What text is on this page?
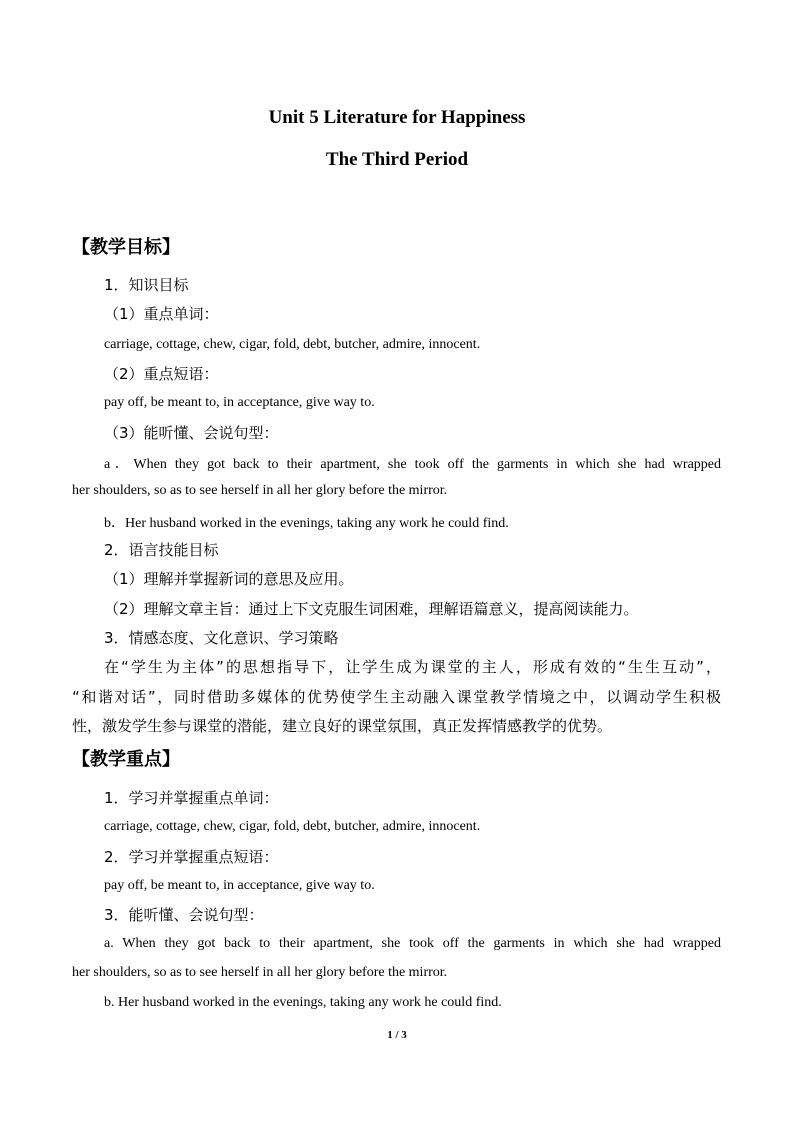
Unit 5 Literature for Happiness
The Third Period
【教学目标】
1．知识目标
（1）重点单词：
carriage, cottage, chew, cigar, fold, debt, butcher, admire, innocent.
（2）重点短语：
pay off, be meant to, in acceptance, give way to.
（3）能听懂、会说句型：
a．When they got back to their apartment, she took off the garments in which she had wrapped
her shoulders, so as to see herself in all her glory before the mirror.
b．Her husband worked in the evenings, taking any work he could find.
2．语言技能目标
（1）理解并掌握新词的意思及应用。
（2）理解文章主旨：通过上下文克服生词困难，理解语篇意义，提高阅读能力。
3．情感态度、文化意识、学习策略
在“学生为主体”的思想指导下，让学生成为课堂的主人，形成有效的“生生互动”，
“和谐对话”，同时借助多媒体的优势使学生主动融入课堂教学情境之中，以调动学生积极
性，激发学生参与课堂的潜能，建立良好的课堂氛围，真正发挥情感教学的优势。
【教学重点】
1．学习并掌握重点单词：
carriage, cottage, chew, cigar, fold, debt, butcher, admire, innocent.
2．学习并掌握重点短语：
pay off, be meant to, in acceptance, give way to.
3．能听懂、会说句型：
a. When they got back to their apartment, she took off the garments in which she had wrapped
her shoulders, so as to see herself in all her glory before the mirror.
b. Her husband worked in the evenings, taking any work he could find.
1 / 3
